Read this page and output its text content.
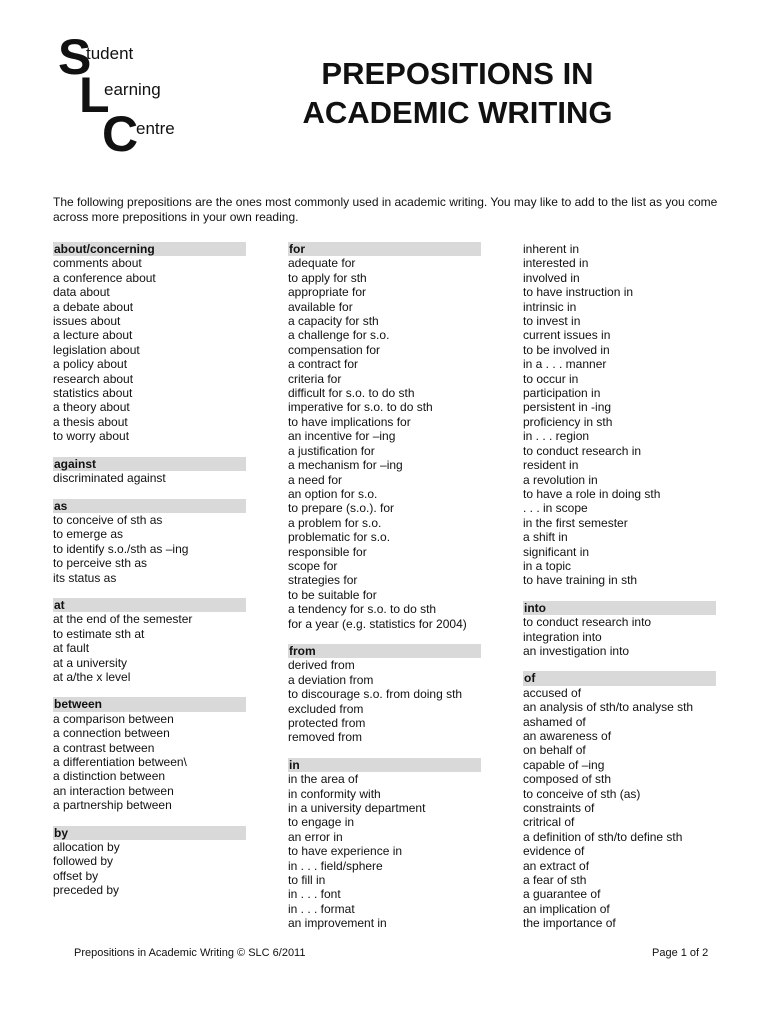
S
tudent
L
earning
C
entre
PREPOSITIONS IN
ACADEMIC WRITING
The following prepositions are the ones most commonly used in academic writing. You may like to add to the list as you come across more prepositions in your own reading.
about/concerning
comments about
a conference about
data about
a debate about
issues about
a lecture about
legislation about
a policy about
research about
statistics about
a theory about
a thesis about
to worry about
against
discriminated against
as
to conceive of sth as
to emerge as
to identify s.o./sth as –ing
to perceive sth as
its status as
at
at the end of the semester
to estimate sth at
at fault
at a university
at a/the x level
between
a comparison between
a connection between
a contrast between
a differentiation between\
a distinction between
an interaction between
a partnership between
by
allocation by
followed by
offset by
preceded by
for
adequate for
to apply for sth
appropriate for
available for
a capacity for sth
a challenge for s.o.
compensation for
a contract for
criteria for
difficult for s.o. to do sth
imperative for s.o. to do sth
to have implications for
an incentive for –ing
a justification for
a mechanism for –ing
a need for
an option for s.o.
to prepare (s.o.). for
a problem for s.o.
problematic for s.o.
responsible for
scope for
strategies for
to be suitable for
a tendency for s.o. to do sth
for a year (e.g. statistics for 2004)
from
derived from
a deviation from
to discourage s.o. from doing sth
excluded from
protected from
removed from
in
in the area of
in conformity with
in a university department
to engage in
an error in
to have experience in
in . . . field/sphere
to fill in
in . . . font
in . . . format
an improvement in
inherent in
interested in
involved in
to have instruction in
intrinsic in
to invest in
current issues in
to be involved in
in a . . . manner
to occur in
participation in
persistent in -ing
proficiency in sth
in . . . region
to conduct research in
resident in
a revolution in
to have a role in doing sth
. . . in scope
in the first semester
a shift in
significant in
in a topic
to have training in sth
into
to conduct research into
integration into
an investigation into
of
accused of
an analysis of sth/to analyse sth
ashamed of
an awareness of
on behalf of
capable of –ing
composed of sth
to conceive of sth (as)
constraints of
critrical of
a definition of sth/to define sth
evidence of
an extract of
a fear of sth
a guarantee of
an implication of
the importance of
Prepositions in Academic Writing © SLC 6/2011	Page 1 of 2
